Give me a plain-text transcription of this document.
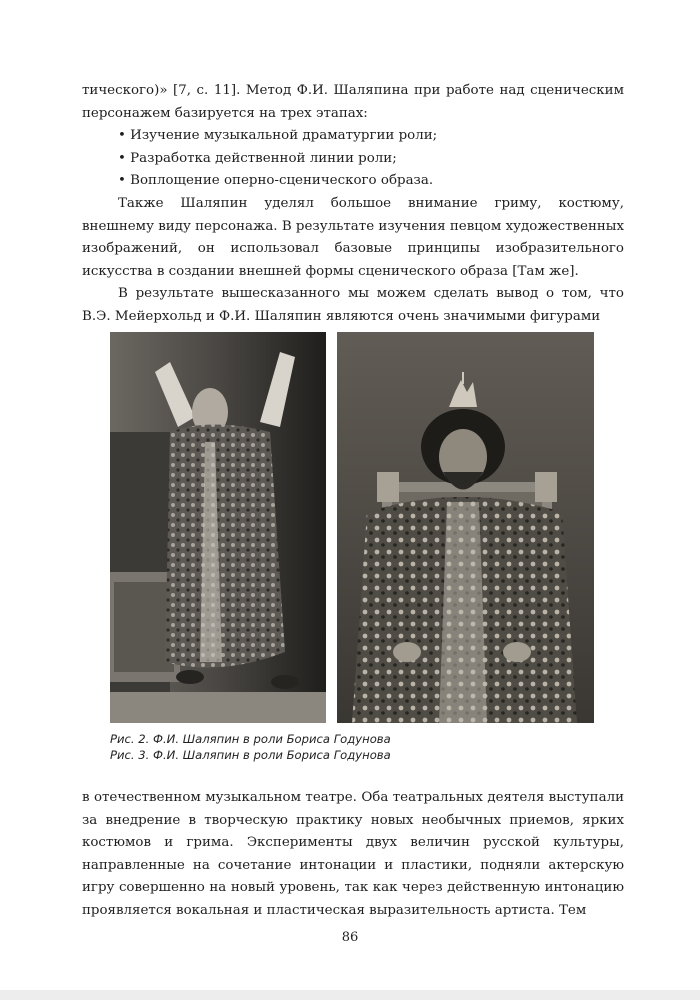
тического)» [7, с. 11]. Метод Ф.И. Шаляпина при работе над сценическим персонажем базируется на трех этапах:

• Изучение музыкальной драматургии роли;

• Разработка действенной линии роли;

• Воплощение оперно-сценического образа.

Также Шаляпин уделял большое внимание гриму, костюму, внешнему виду персонажа. В результате изучения певцом художественных изображений, он использовал базовые принципы изобразительного искусства в создании внешней формы сценического образа [Там же].

В результате вышесказанного мы можем сделать вывод о том, что В.Э. Мейерхольд и Ф.И. Шаляпин являются очень значимыми фигурами

Рис. 2. Ф.И. Шаляпин в роли Бориса Годунова
Рис. 3. Ф.И. Шаляпин в роли Бориса Годунова

в отечественном музыкальном театре. Оба театральных деятеля выступали за внедрение в творческую практику новых необычных приемов, ярких костюмов и грима. Эксперименты двух величин русской культуры, направленные на сочетание интонации и пластики, подняли актерскую игру совершенно на новый уровень, так как через действенную интонацию проявляется вокальная и пластическая выразительность артиста. Тем

86
